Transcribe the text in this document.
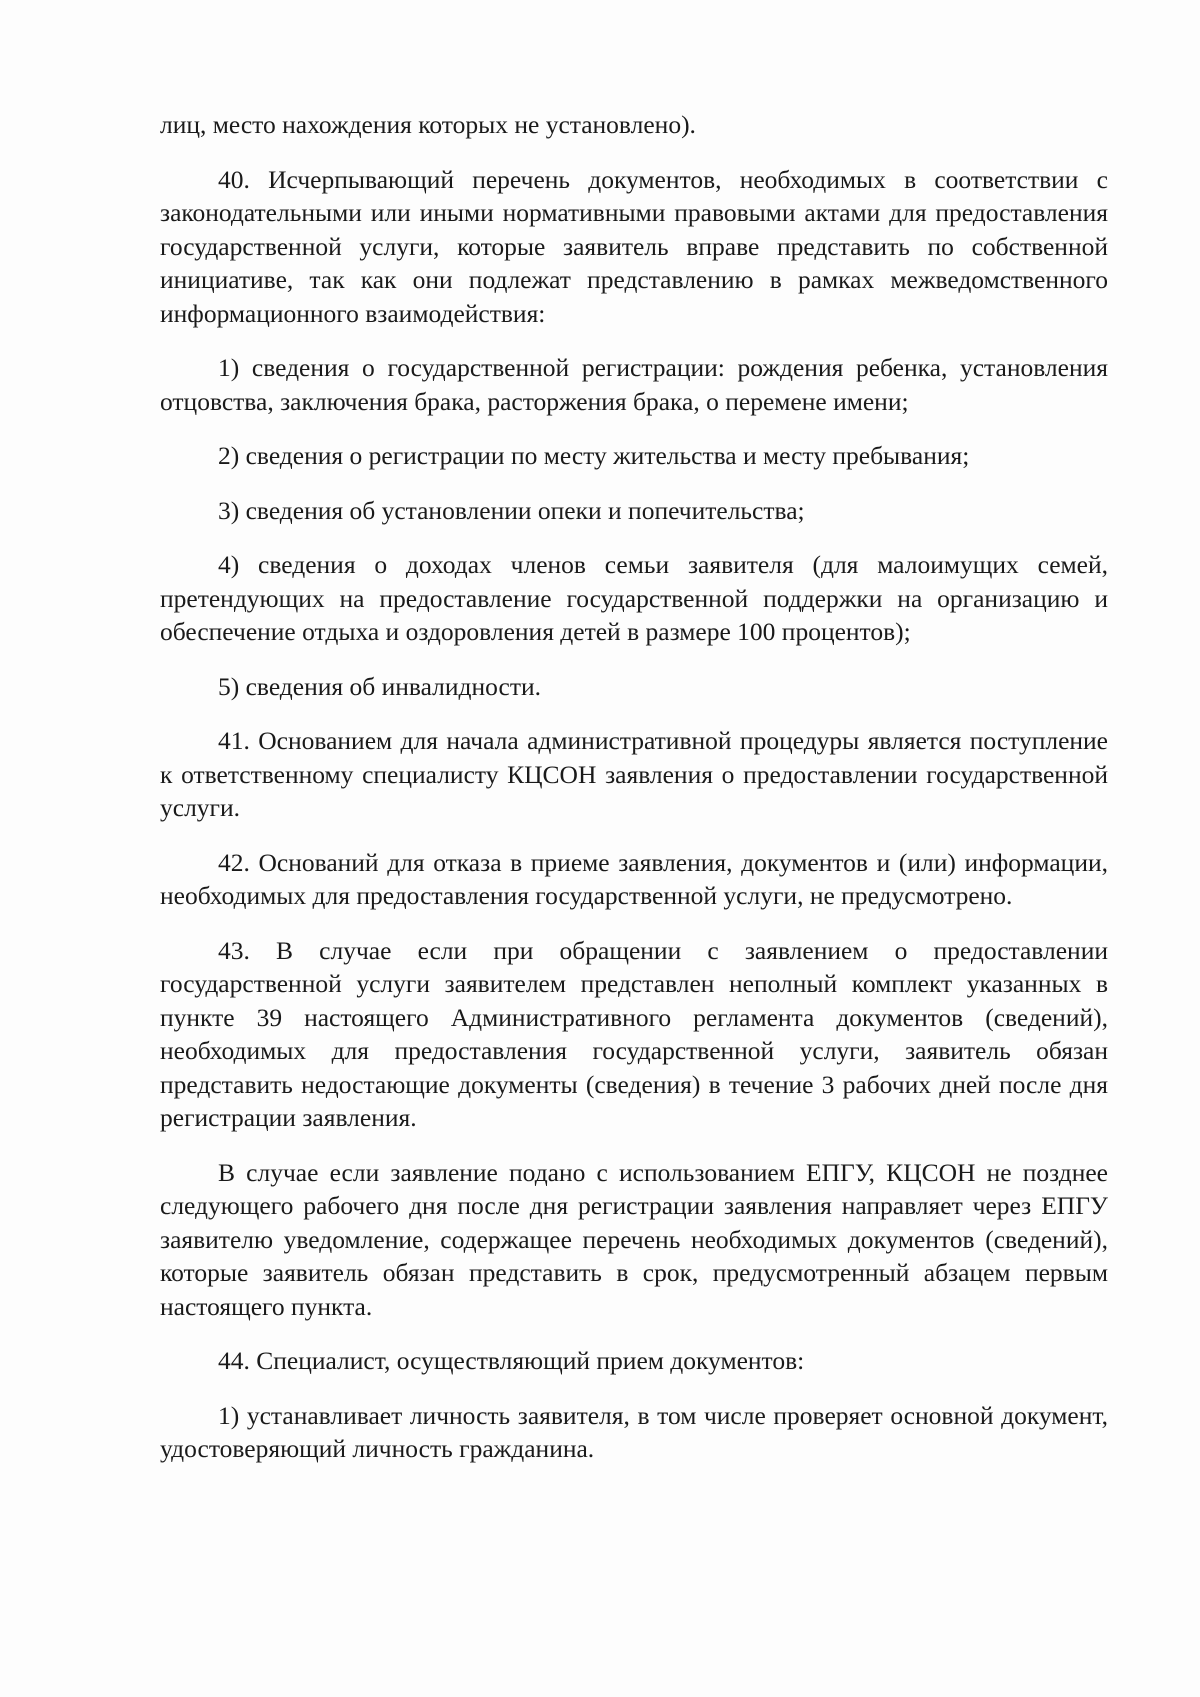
лиц, место нахождения которых не установлено).

40. Исчерпывающий перечень документов, необходимых в соответствии с законодательными или иными нормативными правовыми актами для предоставления государственной услуги, которые заявитель вправе представить по собственной инициативе, так как они подлежат представлению в рамках межведомственного информационного взаимодействия:

1) сведения о государственной регистрации: рождения ребенка, установления отцовства, заключения брака, расторжения брака, о перемене имени;

2) сведения о регистрации по месту жительства и месту пребывания;

3) сведения об установлении опеки и попечительства;

4) сведения о доходах членов семьи заявителя (для малоимущих семей, претендующих на предоставление государственной поддержки на организацию и обеспечение отдыха и оздоровления детей в размере 100 процентов);

5) сведения об инвалидности.

41. Основанием для начала административной процедуры является поступление к ответственному специалисту КЦСОН заявления о предоставлении государственной услуги.

42. Оснований для отказа в приеме заявления, документов и (или) информации, необходимых для предоставления государственной услуги, не предусмотрено.

43. В случае если при обращении с заявлением о предоставлении государственной услуги заявителем представлен неполный комплект указанных в пункте 39 настоящего Административного регламента документов (сведений), необходимых для предоставления государственной услуги, заявитель обязан представить недостающие документы (сведения) в течение 3 рабочих дней после дня регистрации заявления.

В случае если заявление подано с использованием ЕПГУ, КЦСОН не позднее следующего рабочего дня после дня регистрации заявления направляет через ЕПГУ заявителю уведомление, содержащее перечень необходимых документов (сведений), которые заявитель обязан представить в срок, предусмотренный абзацем первым настоящего пункта.

44. Специалист, осуществляющий прием документов:

1) устанавливает личность заявителя, в том числе проверяет основной документ, удостоверяющий личность гражданина.
